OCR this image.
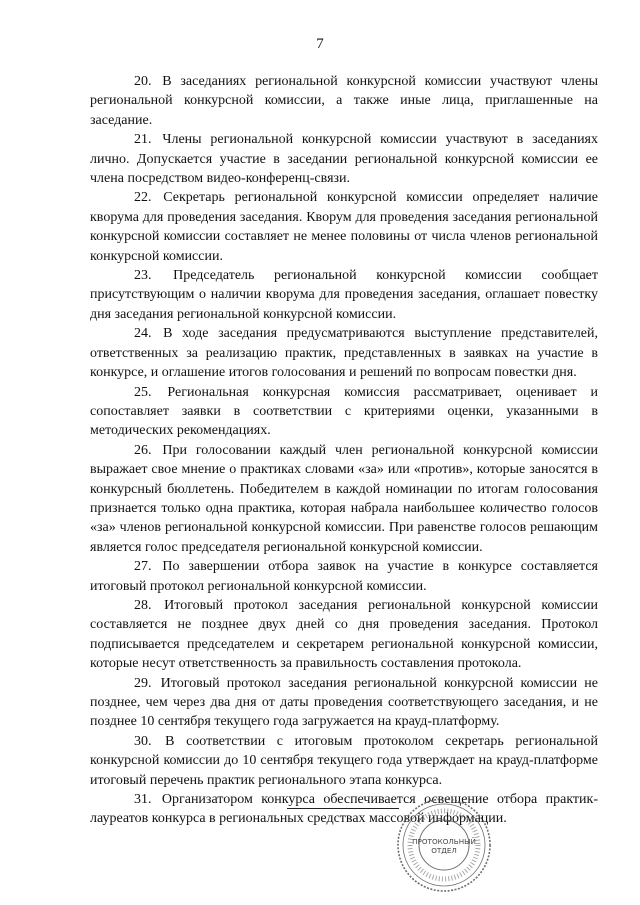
7

20. В заседаниях региональной конкурсной комиссии участвуют члены региональной конкурсной комиссии, а также иные лица, приглашенные на заседание.

21. Члены региональной конкурсной комиссии участвуют в заседаниях лично. Допускается участие в заседании региональной конкурсной комиссии ее члена посредством видео-конференц-связи.

22. Секретарь региональной конкурсной комиссии определяет наличие кворума для проведения заседания. Кворум для проведения заседания региональной конкурсной комиссии составляет не менее половины от числа членов региональной конкурсной комиссии.

23. Председатель региональной конкурсной комиссии сообщает присутствующим о наличии кворума для проведения заседания, оглашает повестку дня заседания региональной конкурсной комиссии.

24. В ходе заседания предусматриваются выступление представителей, ответственных за реализацию практик, представленных в заявках на участие в конкурсе, и оглашение итогов голосования и решений по вопросам повестки дня.

25. Региональная конкурсная комиссия рассматривает, оценивает и сопоставляет заявки в соответствии с критериями оценки, указанными в методических рекомендациях.

26. При голосовании каждый член региональной конкурсной комиссии выражает свое мнение о практиках словами «за» или «против», которые заносятся в конкурсный бюллетень. Победителем в каждой номинации по итогам голосования признается только одна практика, которая набрала наибольшее количество голосов «за» членов региональной конкурсной комиссии. При равенстве голосов решающим является голос председателя региональной конкурсной комиссии.

27. По завершении отбора заявок на участие в конкурсе составляется итоговый протокол региональной конкурсной комиссии.

28. Итоговый протокол заседания региональной конкурсной комиссии составляется не позднее двух дней со дня проведения заседания. Протокол подписывается председателем и секретарем региональной конкурсной комиссии, которые несут ответственность за правильность составления протокола.

29. Итоговый протокол заседания региональной конкурсной комиссии не позднее, чем через два дня от даты проведения соответствующего заседания, и не позднее 10 сентября текущего года загружается на крауд-платформу.

30. В соответствии с итоговым протоколом секретарь региональной конкурсной комиссии до 10 сентября текущего года утверждает на крауд-платформе итоговый перечень практик регионального этапа конкурса.

31. Организатором конкурса обеспечивается освещение отбора практик-лауреатов конкурса в региональных средствах массовой информации.

ПРОТОКОЛЬНЫЙ
ОТДЕЛ
